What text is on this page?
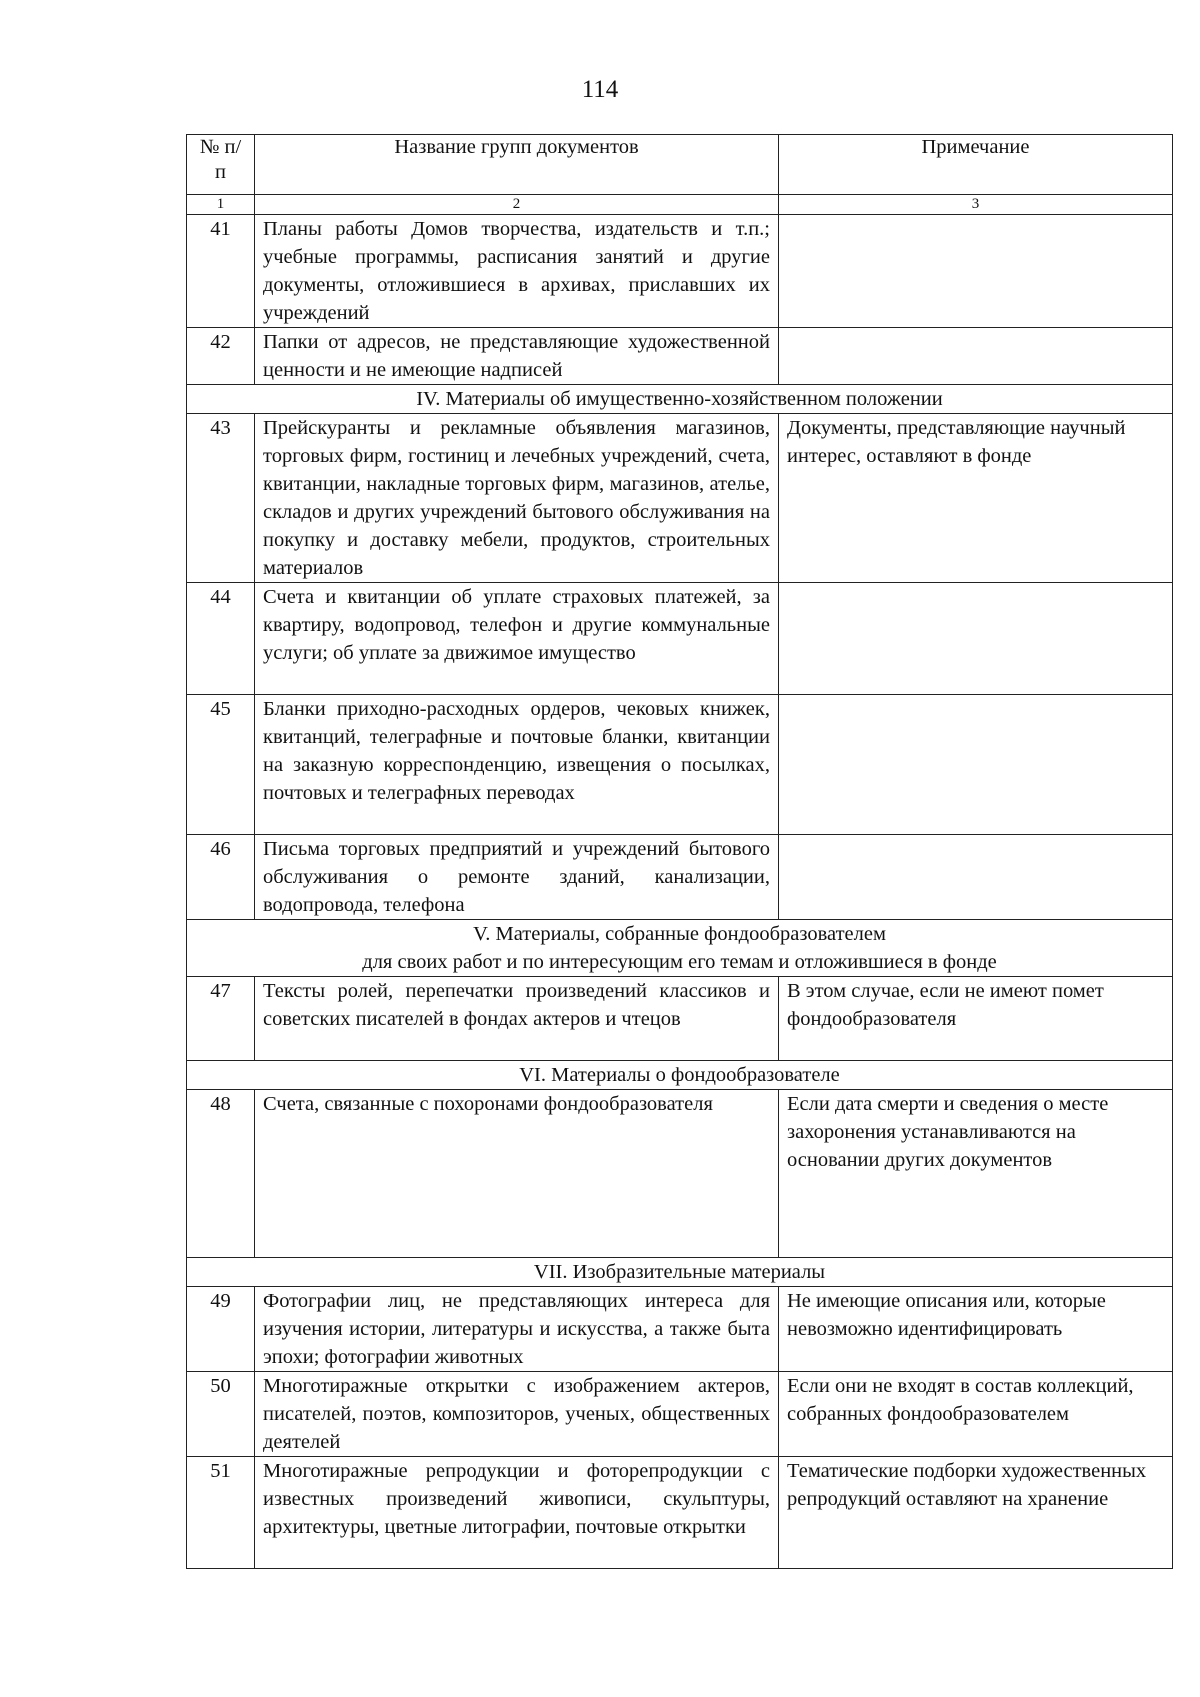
114
№ п/п	Название групп документов	Примечание
1	2	3
41	Планы работы Домов творчества, издательств и т.п.; учебные программы, расписания занятий и другие документы, отложившиеся в архивах, приславших их учреждений	
42	Папки от адресов, не представляющие художественной ценности и не имеющие надписей	
IV. Материалы об имущественно-хозяйственном положении		
43	Прейскуранты и рекламные объявления магазинов, торговых фирм, гостиниц и лечебных учреждений, счета, квитанции, накладные торговых фирм, магазинов, ателье, складов и других учреждений бытового обслуживания на покупку и доставку мебели, продуктов, строительных материалов	Документы, представляющие научный интерес, оставляют в фонде
44	Счета и квитанции об уплате страховых платежей, за квартиру, водопровод, телефон и другие коммунальные услуги; об уплате за движимое имущество	
45	Бланки приходно-расходных ордеров, чековых книжек, квитанций, телеграфные и почтовые бланки, квитанции на заказную корреспонденцию, извещения о посылках, почтовых и телеграфных переводах	
46	Письма торговых предприятий и учреждений бытового обслуживания о ремонте зданий, канализации, водопровода, телефона	

V. Материалы, собранные фондообразователем
для своих работ и по интересующим его темам и отложившиеся в фонде		

47	Тексты ролей, перепечатки произведений классиков и советских писателей в фондах актеров и чтецов	В этом случае, если не имеют помет фондообразователя
VI. Материалы о фондообразователе		
48	Счета, связанные с похоронами фондообразователя	Если дата смерти и сведения о месте захоронения устанавливаются на основании других документов
VII. Изобразительные материалы		
49	Фотографии лиц, не представляющих интереса для изучения истории, литературы и искусства, а также быта эпохи; фотографии животных	Не имеющие описания или, которые невозможно идентифицировать
50	Многотиражные открытки с изображением актеров, писателей, поэтов, композиторов, ученых, общественных деятелей	Если они не входят в состав коллекций, собранных фондообразователем
51	Многотиражные репродукции и фоторепродукции с известных произведений живописи, скульптуры, архитектуры, цветные литографии, почтовые открытки	Тематические подборки художественных репродукций оставляют на хранение
